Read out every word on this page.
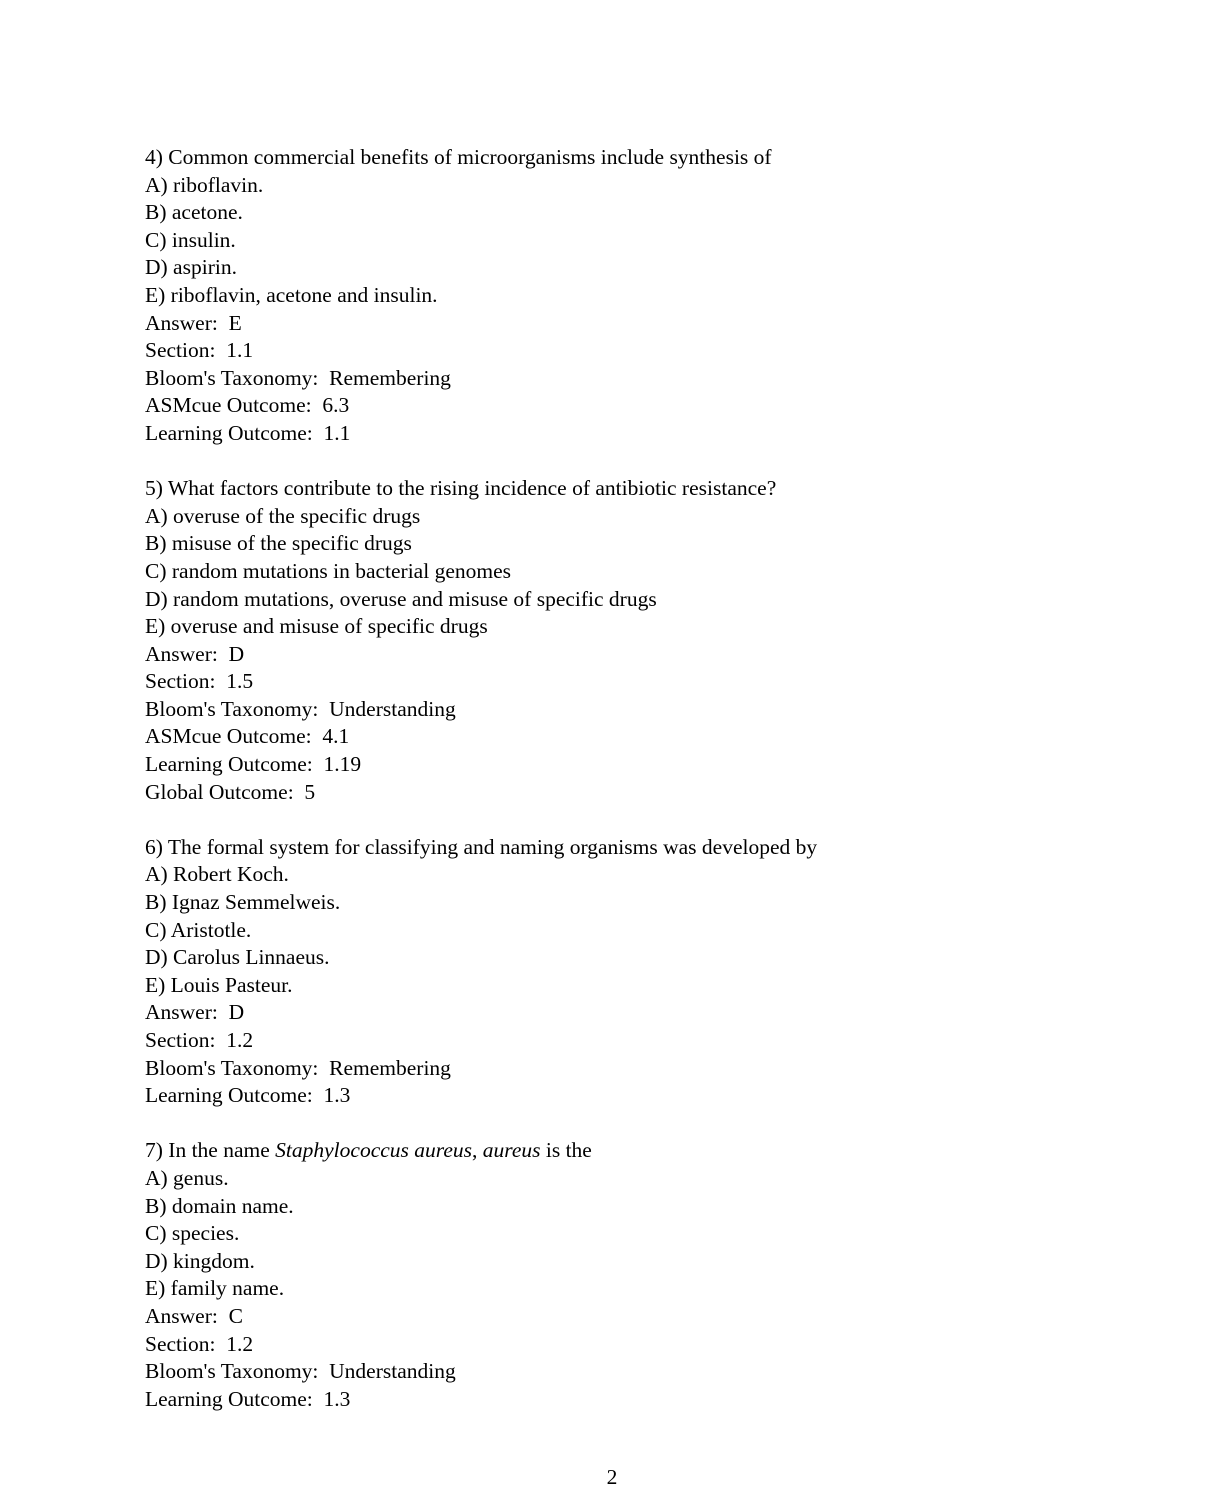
4) Common commercial benefits of microorganisms include synthesis of
A) riboflavin.
B) acetone.
C) insulin.
D) aspirin.
E) riboflavin, acetone and insulin.
Answer:  E
Section:  1.1
Bloom's Taxonomy:  Remembering
ASMcue Outcome:  6.3
Learning Outcome:  1.1
5) What factors contribute to the rising incidence of antibiotic resistance?
A) overuse of the specific drugs
B) misuse of the specific drugs
C) random mutations in bacterial genomes
D) random mutations, overuse and misuse of specific drugs
E) overuse and misuse of specific drugs
Answer:  D
Section:  1.5
Bloom's Taxonomy:  Understanding
ASMcue Outcome:  4.1
Learning Outcome:  1.19
Global Outcome:  5
6) The formal system for classifying and naming organisms was developed by
A) Robert Koch.
B) Ignaz Semmelweis.
C) Aristotle.
D) Carolus Linnaeus.
E) Louis Pasteur.
Answer:  D
Section:  1.2
Bloom's Taxonomy:  Remembering
Learning Outcome:  1.3
7) In the name Staphylococcus aureus, aureus is the
A) genus.
B) domain name.
C) species.
D) kingdom.
E) family name.
Answer:  C
Section:  1.2
Bloom's Taxonomy:  Understanding
Learning Outcome:  1.3
2
